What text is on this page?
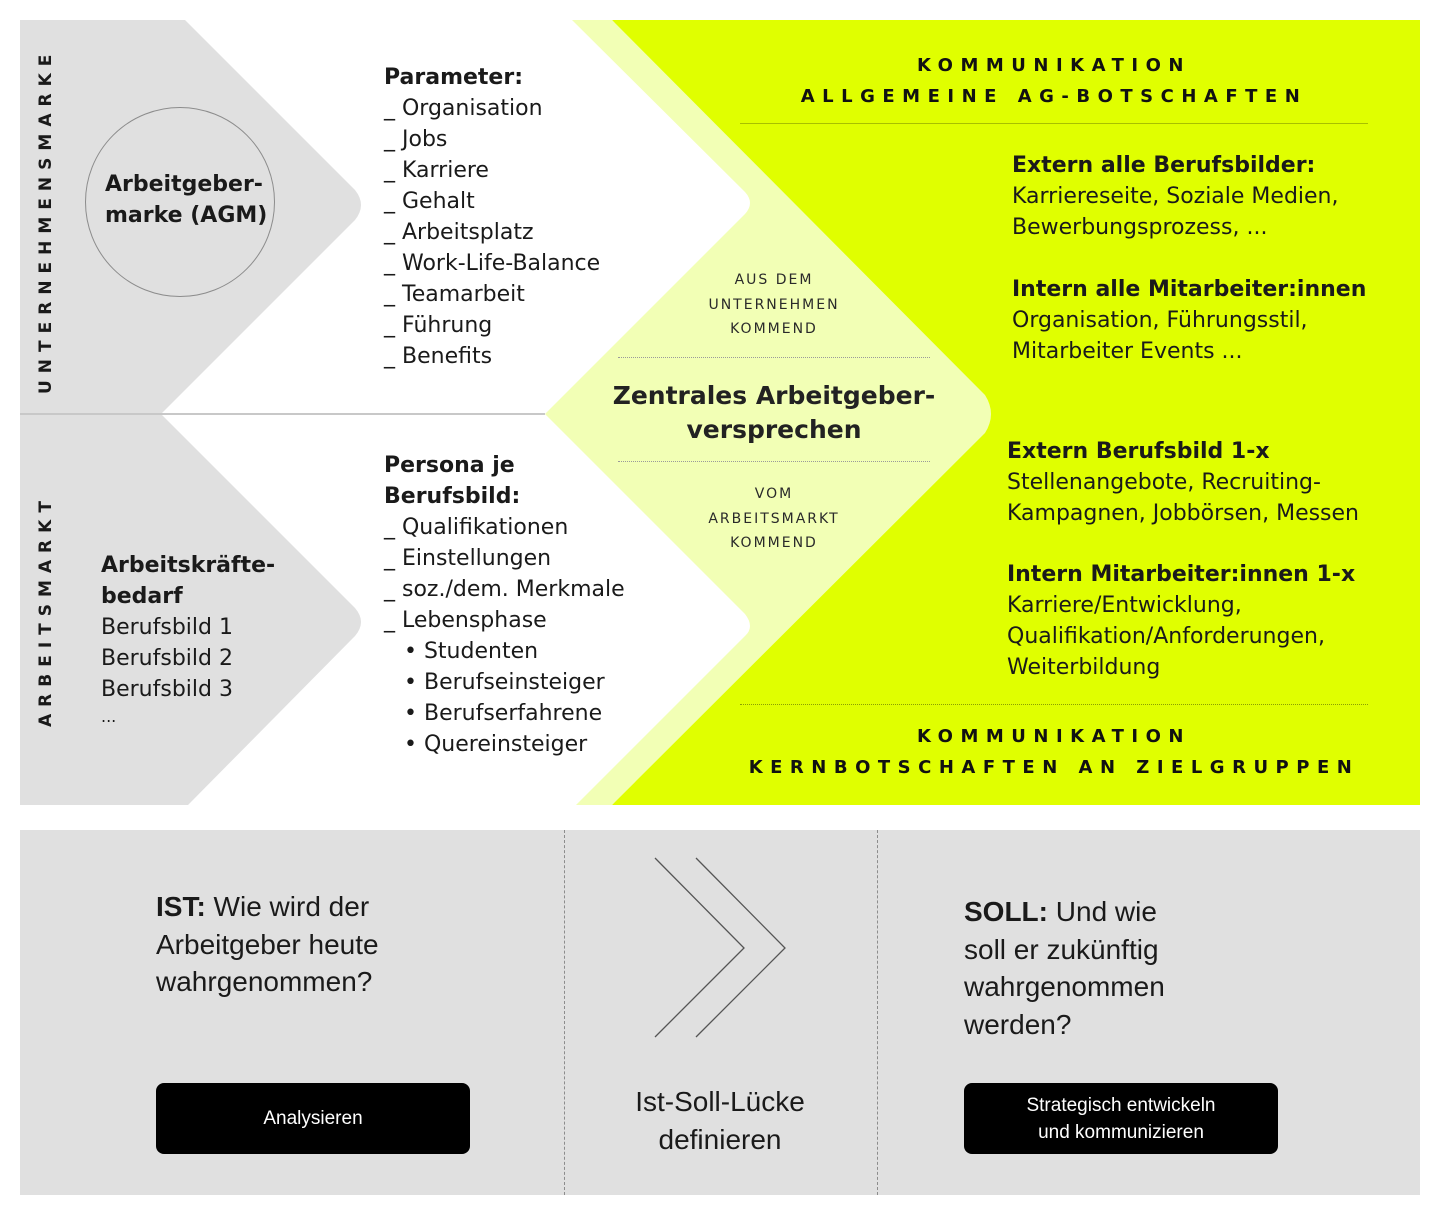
UNTERNEHMENSMARKE
ARBEITSMARKT
Arbeitgeber-
marke (AGM)
Arbeitskräfte-
bedarf
Berufsbild 1
Berufsbild 2
Berufsbild 3
...
Parameter:
_ Organisation
_ Jobs
_ Karriere
_ Gehalt
_ Arbeitsplatz
_ Work-Life-Balance
_ Teamarbeit
_ Führung
_ Benefits
Persona je
Berufsbild:
_ Qualifikationen
_ Einstellungen
_ soz./dem. Merkmale
_ Lebensphase
• Studenten
• Berufseinsteiger
• Berufserfahrene
• Quereinsteiger
AUS DEM
UNTERNEHMEN
KOMMEND
Zentrales Arbeitgeber-
versprechen
VOM
ARBEITSMARKT
KOMMEND
KOMMUNIKATION
ALLGEMEINE AG-BOTSCHAFTEN
Extern alle Berufsbilder:
Karriereseite, Soziale Medien,
Bewerbungsprozess, ...
Intern alle Mitarbeiter:innen
Organisation, Führungsstil,
Mitarbeiter Events ...
Extern Berufsbild 1-x
Stellenangebote, Recruiting-
Kampagnen, Jobbörsen, Messen
Intern Mitarbeiter:innen 1-x
Karriere/Entwicklung,
Qualifikation/Anforderungen,
Weiterbildung
KOMMUNIKATION
KERNBOTSCHAFTEN AN ZIELGRUPPEN
IST: Wie wird der
Arbeitgeber heute
wahrgenommen?
Analysieren
Ist-Soll-Lücke
definieren
SOLL: Und wie
soll er zukünftig
wahrgenommen
werden?
Strategisch entwickeln
und kommunizieren
